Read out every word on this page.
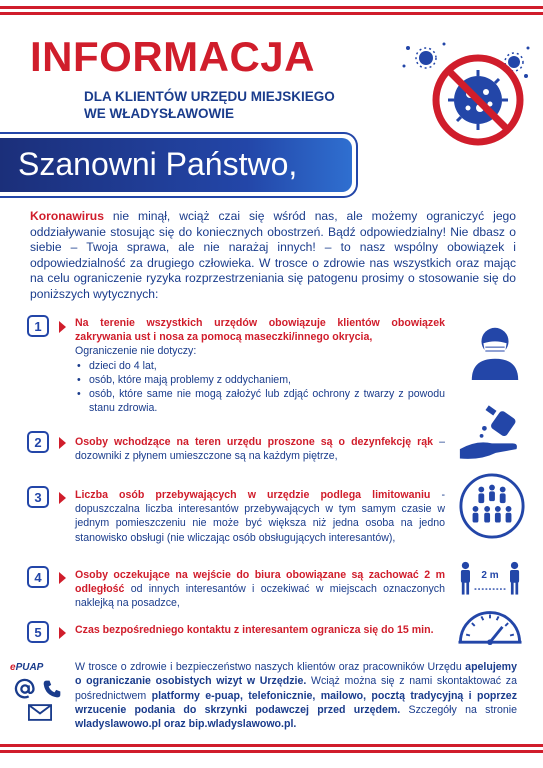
INFORMACJA
DLA KLIENTÓW URZĘDU MIEJSKIEGO
WE WŁADYSŁAWOWIE
Szanowni Państwo,
Koronawirus nie minął, wciąż czai się wśród nas, ale możemy ograniczyć jego oddziaływanie stosując się do koniecznych obostrzeń. Bądź odpowiedzialny! Nie dbasz o siebie – Twoja sprawa, ale nie narażaj innych! – to nasz wspólny obowiązek i odpowiedzialność za drugiego człowieka. W trosce o zdrowie nas wszystkich oraz mając na celu ograniczenie ryzyka rozprzestrzeniania się patogenu prosimy o stosowanie się do poniższych wytycznych:
1	Na terenie wszystkich urzędów obowiązuje klientów obowiązek zakrywania ust i nosa za pomocą maseczki/innego okrycia,
Ograniczenie nie dotyczy:
• dzieci do 4 lat,
• osób, które mają problemy z oddychaniem,
• osób, które same nie mogą założyć lub zdjąć ochrony z twarzy z powodu stanu zdrowia.
2	Osoby wchodzące na teren urzędu proszone są o dezynfekcję rąk – dozowniki z płynem umieszczone są na każdym piętrze,
3	Liczba osób przebywających w urzędzie podlega limitowaniu - dopuszczalna liczba interesantów przebywających w tym samym czasie w jednym pomieszczeniu nie może być większa niż jedna osoba na jedno stanowisko obsługi (nie wliczając osób obsługujących interesantów),
4	Osoby oczekujące na wejście do biura obowiązane są zachować 2 m odległość od innych interesantów i oczekiwać w miejscach oznaczonych naklejką na posadzce,
2 m
5	Czas bezpośredniego kontaktu z interesantem ogranicza się do 15 min.
ePUAP	W trosce o zdrowie i bezpieczeństwo naszych klientów oraz pracowników Urzędu apelujemy o ograniczanie osobistych wizyt w Urzędzie. Wciąż można się z nami skontaktować za pośrednictwem platformy e-puap, telefonicznie, mailowo, pocztą tradycyjną i poprzez wrzucenie podania do skrzynki podawczej przed urzędem. Szczegóły na stronie wladyslawowo.pl oraz bip.wladyslawowo.pl.
